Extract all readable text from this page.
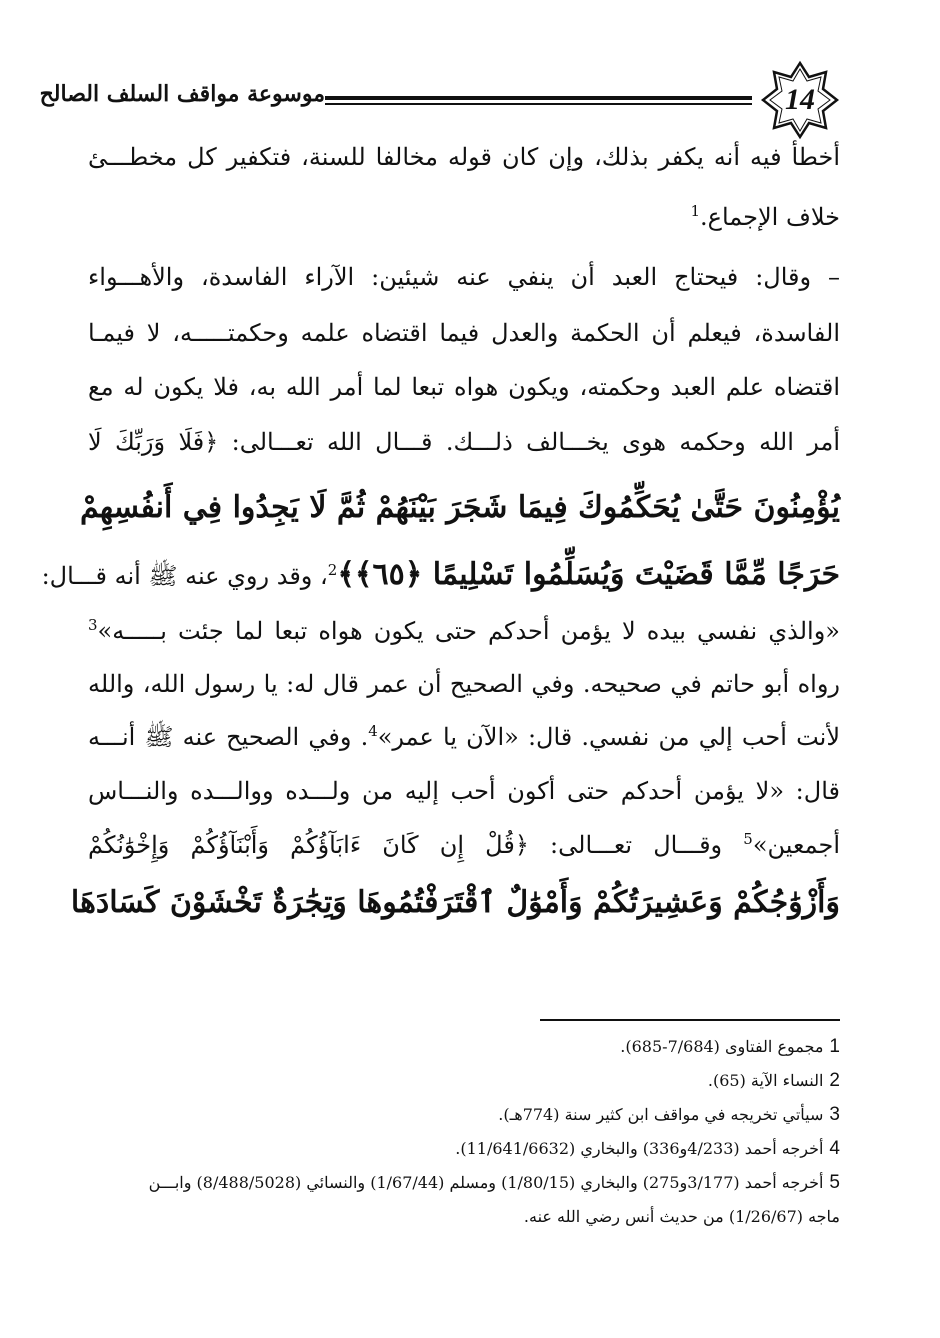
14
موسوعة مواقف السلف الصالح
أخطأ فيه أنه يكفر بذلك، وإن كان قوله مخالفا للسنة، فتكفير كل مخطـــئ
خلاف الإجماع.$^1$
– وقال: فيحتاج العبد أن ينفي عنه شيئين: الآراء الفاسدة، والأهـــواء
الفاسدة، فيعلم أن الحكمة والعدل فيما اقتضاه علمه وحكمتـــــه، لا فيمـا
اقتضاه علم العبد وحكمته، ويكون هواه تبعا لما أمر الله به، فلا يكون له مع
أمر الله وحكمه هوى يخـــالف ذلـــك. قـــال الله تعـــالى: ﴿فَلَا وَرَبِّكَ لَا
يُؤْمِنُونَ حَتَّىٰ يُحَكِّمُوكَ فِيمَا شَجَرَ بَيْنَهُمْ ثُمَّ لَا يَجِدُوا فِي أَنفُسِهِمْ
حَرَجًا مِّمَّا قَضَيْتَ وَيُسَلِّمُوا تَسْلِيمًا ﴿٦٥﴾﴾$^2$، وقد روي عنه ﷺ أنه قـــال:
«والذي نفسي بيده لا يؤمن أحدكم حتى يكون هواه تبعا لما جئت بـــــه»$^3$
رواه أبو حاتم في صحيحه. وفي الصحيح أن عمر قال له: يا رسول الله، والله
لأنت أحب إلي من نفسي. قال: «الآن يا عمر»$^4$. وفي الصحيح عنه ﷺ أنـــه
قال: «لا يؤمن أحدكم حتى أكون أحب إليه من ولـــده ووالـــده والنـــاس
أجمعين»$^5$ وقـــال تعـــالى: ﴿قُلْ إِن كَانَ ءَابَآؤُكُمْ وَأَبْنَآؤُكُمْ وَإِخْوَٰنُكُمْ
وَأَزْوَٰجُكُمْ وَعَشِيرَتُكُمْ وَأَمْوَٰلٌ ٱقْتَرَفْتُمُوهَا وَتِجَٰرَةٌ تَخْشَوْنَ كَسَادَهَا
1مجموع الفتاوى (7/684-685).
2النساء الآية (65).
3سيأتي تخريجه في مواقف ابن كثير سنة (774هـ).
4أخرجه أحمد (4/233و336) والبخاري (11/641/6632).
5أخرجه أحمد (3/177و275) والبخاري (1/80/15) ومسلم (1/67/44) والنسائي (8/488/5028) وابـــن
ماجه (1/26/67) من حديث أنس رضي الله عنه.
